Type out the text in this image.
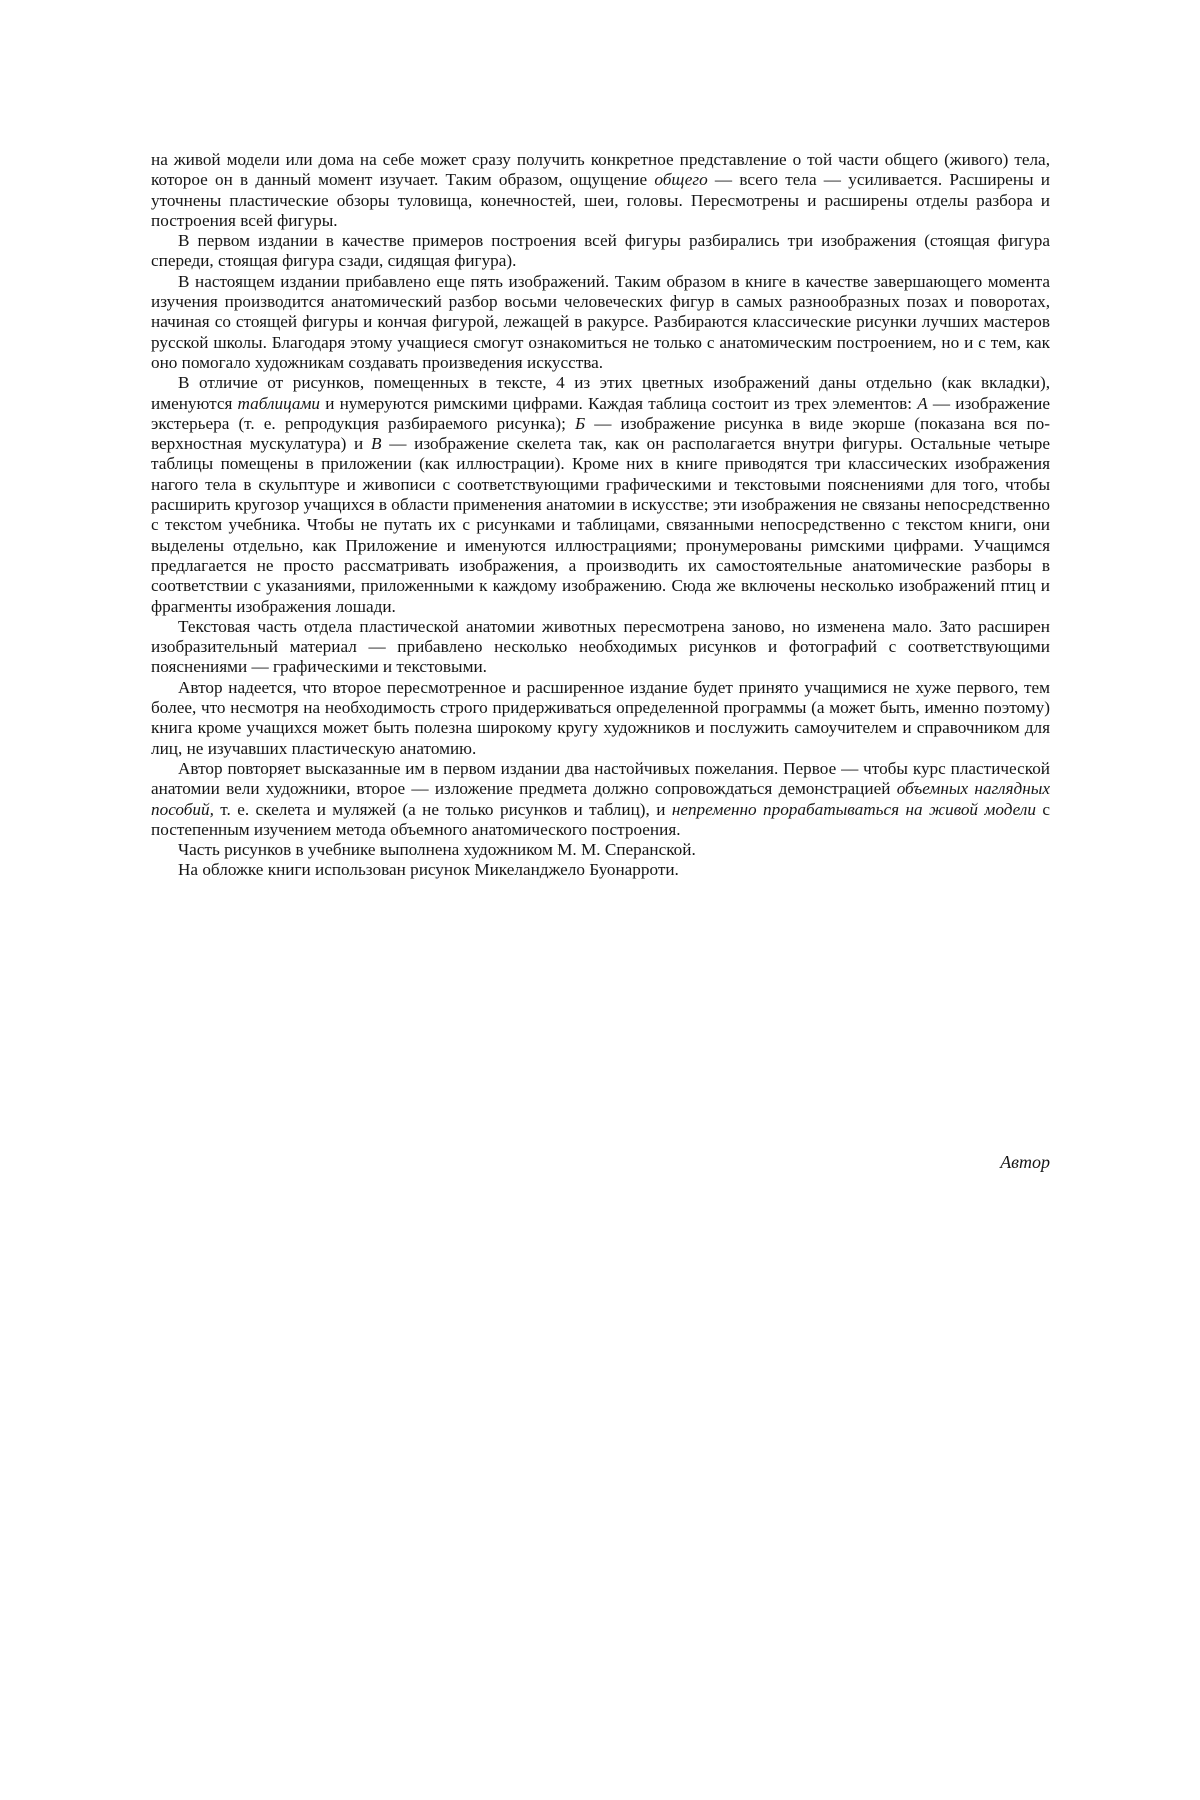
на живой модели или дома на себе может сразу получить конкретное представление о той части общего (живого) тела, которое он в данный момент изучает. Таким образом, ощущение общего — всего тела — усиливается. Расширены и уточнены пластические обзоры туловища, конечностей, шеи, головы. Пересмотрены и расширены отделы разбора и построения всей фигуры.

В первом издании в качестве примеров построения всей фигуры разбирались три изображения (стоящая фигура спереди, стоящая фигура сзади, сидящая фигура).

В настоящем издании прибавлено еще пять изображений. Таким образом в книге в качестве завершающего момента изучения производится анатомический разбор восьми человеческих фигур в самых разнообразных позах и поворотах, начиная со стоящей фигуры и кончая фигурой, лежащей в ракурсе. Разбираются классические рисунки лучших мастеров русской школы. Благодаря этому учащиеся смогут ознакомиться не только с анатомическим построением, но и с тем, как оно помогало художникам создавать произведения искусства.

В отличие от рисунков, помещенных в тексте, 4 из этих цветных изображений даны отдельно (как вкладки), именуются таблицами и нумеруются римскими цифрами. Каждая таблица состоит из трех элементов: А — изображение экстерьера (т. е. репродукция разбираемого рисунка); Б — изображение рисунка в виде экорше (показана вся поверхностная мускулатура) и В — изображение скелета так, как он располагается внутри фигуры. Остальные четыре таблицы помещены в приложении (как иллюстрации). Кроме них в книге приводятся три классических изображения нагого тела в скульптуре и живописи с соответствующими графическими и текстовыми пояснениями для того, чтобы расширить кругозор учащихся в области применения анатомии в искусстве; эти изображения не связаны непосредственно с текстом учебника. Чтобы не путать их с рисунками и таблицами, связанными непосредственно с текстом книги, они выделены отдельно, как Приложение и именуются иллюстрациями; пронумерованы римскими цифрами. Учащимся предлагается не просто рассматривать изображения, а производить их самостоятельные анатомические разборы в соответствии с указаниями, приложенными к каждому изображению. Сюда же включены несколько изображений птиц и фрагменты изображения лошади.

Текстовая часть отдела пластической анатомии животных пересмотрена заново, но изменена мало. Зато расширен изобразительный материал — прибавлено несколько необходимых рисунков и фотографий с соответствующими пояснениями — графическими и текстовыми.

Автор надеется, что второе пересмотренное и расширенное издание будет принято учащимися не хуже первого, тем более, что несмотря на необходимость строго придерживаться определенной программы (а может быть, именно поэтому) книга кроме учащихся может быть полезна широкому кругу художников и послужить самоучителем и справочником для лиц, не изучавших пластическую анатомию.

Автор повторяет высказанные им в первом издании два настойчивых пожелания. Первое — чтобы курс пластической анатомии вели художники, второе — изложение предмета должно сопровождаться демонстрацией объемных наглядных пособий, т. е. скелета и муляжей (а не только рисунков и таблиц), и непременно прорабатываться на живой модели с постепенным изучением метода объемного анатомического построения.

Часть рисунков в учебнике выполнена художником М. М. Сперанской.

На обложке книги использован рисунок Микеланджело Буонарроти.

Автор
